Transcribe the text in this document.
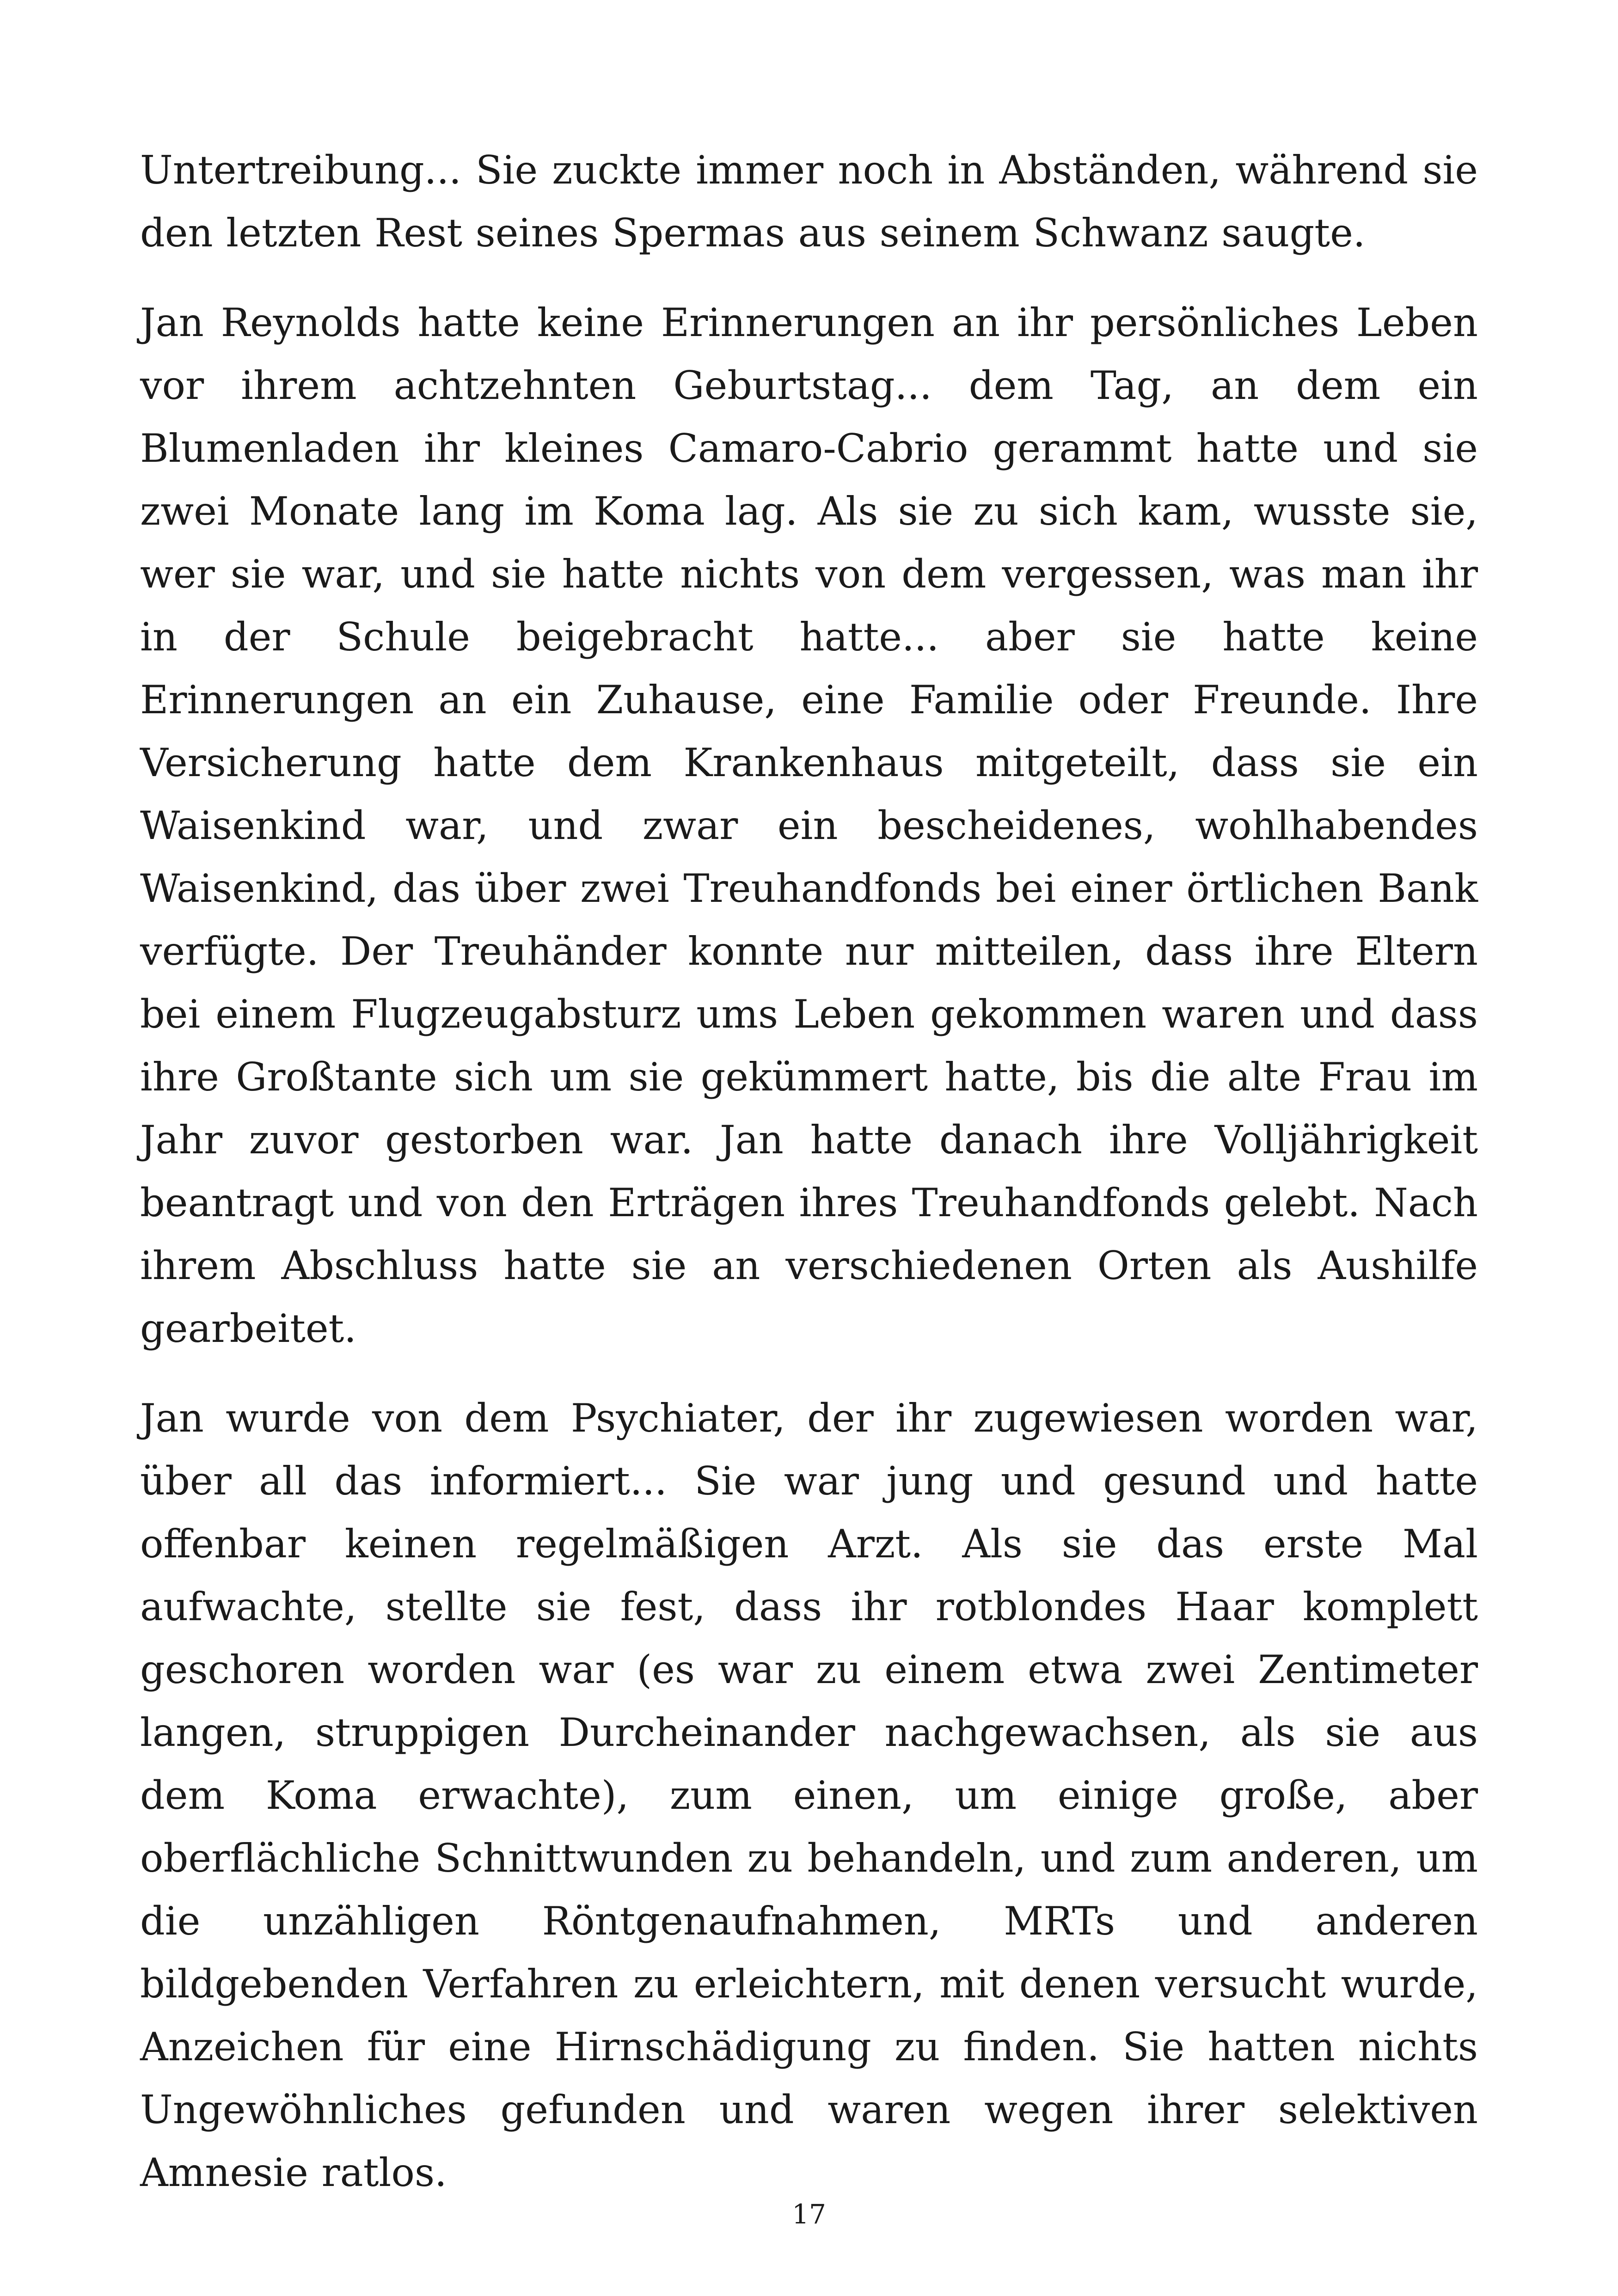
Untertreibung... Sie zuckte immer noch in Abständen, während sie den letzten Rest seines Spermas aus seinem Schwanz saugte.

Jan Reynolds hatte keine Erinnerungen an ihr persönliches Leben vor ihrem achtzehnten Geburtstag... dem Tag, an dem ein Blumenladen ihr kleines Camaro-Cabrio gerammt hatte und sie zwei Monate lang im Koma lag. Als sie zu sich kam, wusste sie, wer sie war, und sie hatte nichts von dem vergessen, was man ihr in der Schule beigebracht hatte... aber sie hatte keine Erinnerungen an ein Zuhause, eine Familie oder Freunde. Ihre Versicherung hatte dem Krankenhaus mitgeteilt, dass sie ein Waisenkind war, und zwar ein bescheidenes, wohlhabendes Waisenkind, das über zwei Treuhandfonds bei einer örtlichen Bank verfügte. Der Treuhänder konnte nur mitteilen, dass ihre Eltern bei einem Flugzeugabsturz ums Leben gekommen waren und dass ihre Großtante sich um sie gekümmert hatte, bis die alte Frau im Jahr zuvor gestorben war. Jan hatte danach ihre Volljährigkeit beantragt und von den Erträgen ihres Treuhandfonds gelebt. Nach ihrem Abschluss hatte sie an verschiedenen Orten als Aushilfe gearbeitet.

Jan wurde von dem Psychiater, der ihr zugewiesen worden war, über all das informiert... Sie war jung und gesund und hatte offenbar keinen regelmäßigen Arzt. Als sie das erste Mal aufwachte, stellte sie fest, dass ihr rotblondes Haar komplett geschoren worden war (es war zu einem etwa zwei Zentimeter langen, struppigen Durcheinander nachgewachsen, als sie aus dem Koma erwachte), zum einen, um einige große, aber oberflächliche Schnittwunden zu behandeln, und zum anderen, um die unzähligen Röntgenaufnahmen, MRTs und anderen bildgebenden Verfahren zu erleichtern, mit denen versucht wurde, Anzeichen für eine Hirnschädigung zu finden. Sie hatten nichts Ungewöhnliches gefunden und waren wegen ihrer selektiven Amnesie ratlos.

17
